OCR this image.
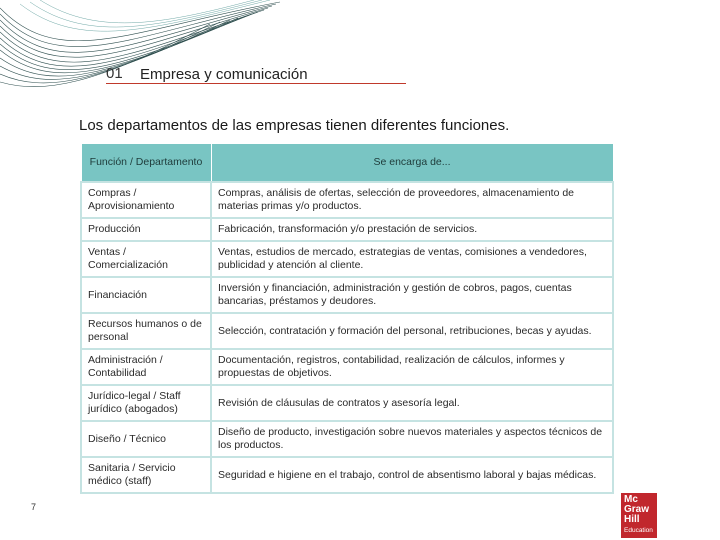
01 Empresa y comunicación
Los departamentos de las empresas tienen diferentes funciones.
Función / Departamento	Se encarga de...
Compras / Aprovisionamiento	Compras, análisis de ofertas, selección de proveedores, almacenamiento de materias primas y/o productos.
Producción	Fabricación, transformación y/o prestación de servicios.
Ventas / Comercialización	Ventas, estudios de mercado, estrategias de ventas, comisiones a vendedores, publicidad y atención al cliente.
Financiación	Inversión y financiación, administración y gestión de cobros, pagos, cuentas bancarias, préstamos y deudores.
Recursos humanos o de personal	Selección, contratación y formación del personal, retribuciones, becas y ayudas.
Administración / Contabilidad	Documentación, registros, contabilidad, realización de cálculos, informes y propuestas de objetivos.
Jurídico-legal / Staff jurídico (abogados)	Revisión de cláusulas de contratos y asesoría legal.
Diseño / Técnico	Diseño de producto, investigación sobre nuevos materiales y aspectos técnicos de los productos.
Sanitaria / Servicio médico (staff)	Seguridad e higiene en el trabajo, control de absentismo laboral y bajas médicas.
7
Mc
Graw
Hill
Education
